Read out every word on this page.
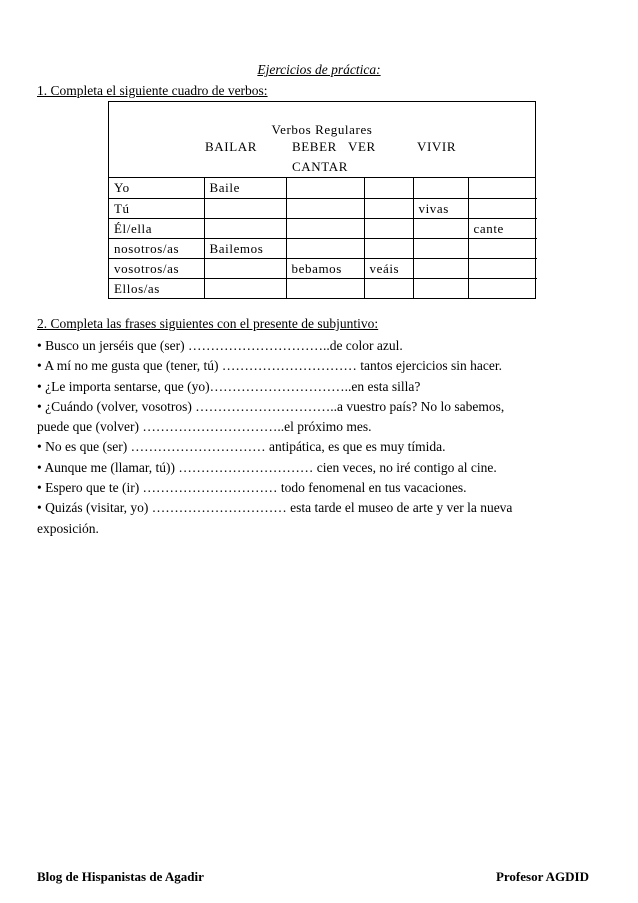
Ejercicios de práctica:
1. Completa el siguiente cuadro de verbos:
Verbos Regulares
BAILAR	BEBER VER	VIVIR
CANTAR
Yo	Baile				
Tú				vivas	
Él/ella					cante
nosotros/as	Bailemos				
vosotros/as		bebamos	veáis		
Ellos/as					
2. Completa las frases siguientes con el presente de subjuntivo:
• Busco un jerséis que (ser) …………………………..de color azul.
• A mí no me gusta que (tener, tú) ………………………… tantos ejercicios sin hacer.
• ¿Le importa sentarse, que (yo)…………………………..en esta silla?
• ¿Cuándo (volver, vosotros) …………………………..a vuestro país? No lo sabemos,
puede que (volver) …………………………..el próximo mes.
• No es que (ser) ………………………… antipática, es que es muy tímida.
• Aunque me (llamar, tú)) ………………………… cien veces, no iré contigo al cine.
• Espero que te (ir) ………………………… todo fenomenal en tus vacaciones.
• Quizás (visitar, yo) ………………………… esta tarde el museo de arte y ver la nueva
exposición.
Blog de Hispanistas de Agadir	Profesor AGDID
